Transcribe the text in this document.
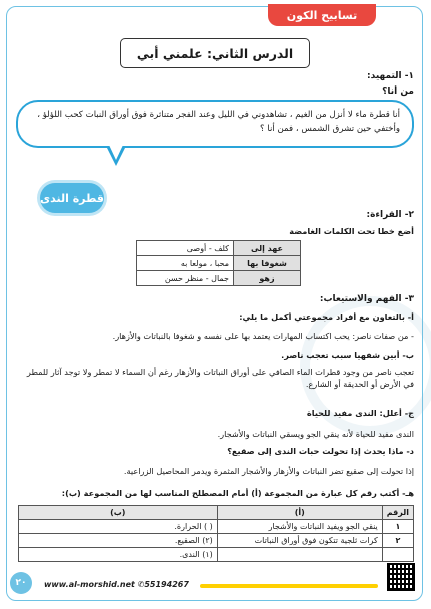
تسابيح الكون
الدرس الثاني: علمني أبي
١- التمهيد:
من أنا؟
أنا قطرة ماء لا أنزل من الغيم ، تشاهدوني في الليل وعند الفجر متناثرة فوق أوراق النبات كحب اللؤلؤ ، وأختفي حين تشرق الشمس ، فمن أنا ؟
قطرة الندى
٢- القراءة:
أضع خطا تحت الكلمات الغامضة
عهد إلى	كلف - أوصى
شغوفا بها	محبا ، مولعا به
زهو	جمال - منظر حسن
٣- الفهم والاستيعاب:
أ- بالتعاون مع أفراد مجموعتي أكمل ما يلي:
- من صفات ناصر: يحب اكتساب المهارات يعتمد بها على نفسه و شغوفا بالنباتات والأزهار.
ب- أبين شفهيا سبب تعجب ناصر.
تعجب ناصر من وجود قطرات الماء الصافي على أوراق النباتات والأزهار رغم أن السماء لا تمطر ولا توجد آثار للمطر في الأرض أو الحديقة أو الشارع.
ج- أعلل: الندى مفيد للحياة
الندى مفيد للحياة لأنه ينقي الجو ويسقي النباتات والأشجار.
د- ماذا يحدث إذا تحولت حبات الندى إلى صقيع؟
إذا تحولت إلى صقيع تضر النباتات والأزهار والأشجار المثمرة ويدمر المحاصيل الزراعية.
هـ- أكتب رقم كل عبارة من المجموعة (أ) أمام المصطلح المناسب لها من المجموعة (ب):
الرقم	(أ)	(ب)
١	ينقي الجو ويفيد النباتات والأشجار	( ) الحرارة.
٢	كرات ثلجية تتكون فوق أوراق النباتات	(٢) الصقيع.
		(١) الندى.
٢٠	www.al-morshid.net ✆55194267
